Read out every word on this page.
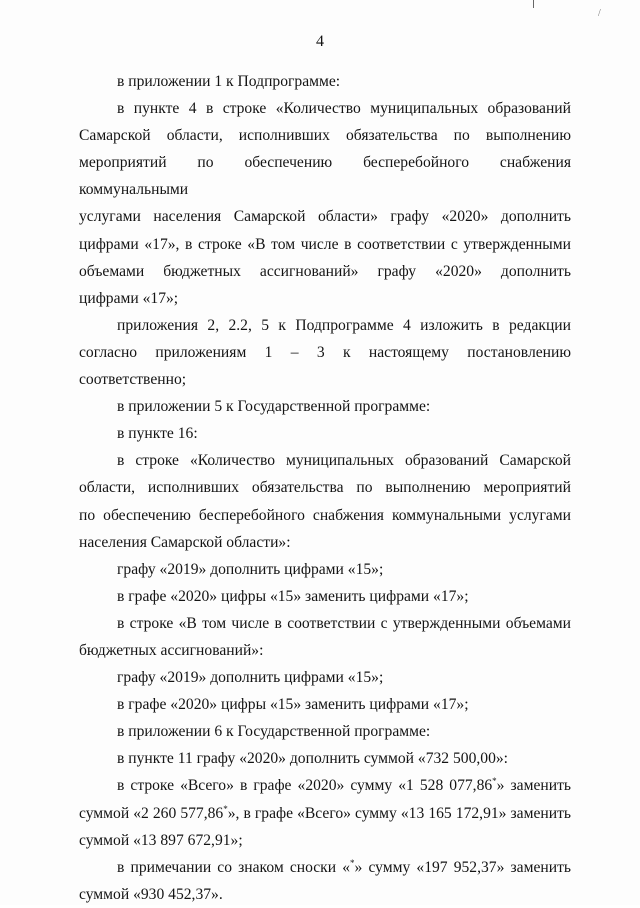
/
4

в приложении 1 к Подпрограмме:

в пункте 4 в строке «Количество муниципальных образований
Самарской области, исполнивших обязательства по выполнению
мероприятий по обеспечению бесперебойного снабжения коммунальными
услугами населения Самарской области» графу «2020» дополнить
цифрами «17», в строке «В том числе в соответствии с утвержденными
объемами бюджетных ассигнований» графу «2020» дополнить
цифрами «17»;

приложения 2, 2.2, 5 к Подпрограмме 4 изложить в редакции
согласно приложениям 1 – 3 к настоящему постановлению соответственно;

в приложении 5 к Государственной программе:

в пункте 16:

в строке «Количество муниципальных образований Самарской
области, исполнивших обязательства по выполнению мероприятий
по обеспечению бесперебойного снабжения коммунальными услугами
населения Самарской области»:

графу «2019» дополнить цифрами «15»;

в графе «2020» цифры «15» заменить цифрами «17»;

в строке «В том числе в соответствии с утвержденными объемами
бюджетных ассигнований»:

графу «2019» дополнить цифрами «15»;

в графе «2020» цифры «15» заменить цифрами «17»;

в приложении 6 к Государственной программе:

в пункте 11 графу «2020» дополнить суммой «732 500,00»:

в строке «Всего» в графе «2020» сумму «1 528 077,86*» заменить
суммой «2 260 577,86*», в графе «Всего» сумму «13 165 172,91» заменить
суммой «13 897 672,91»;

в примечании со знаком сноски «*» сумму «197 952,37» заменить
суммой «930 452,37».
